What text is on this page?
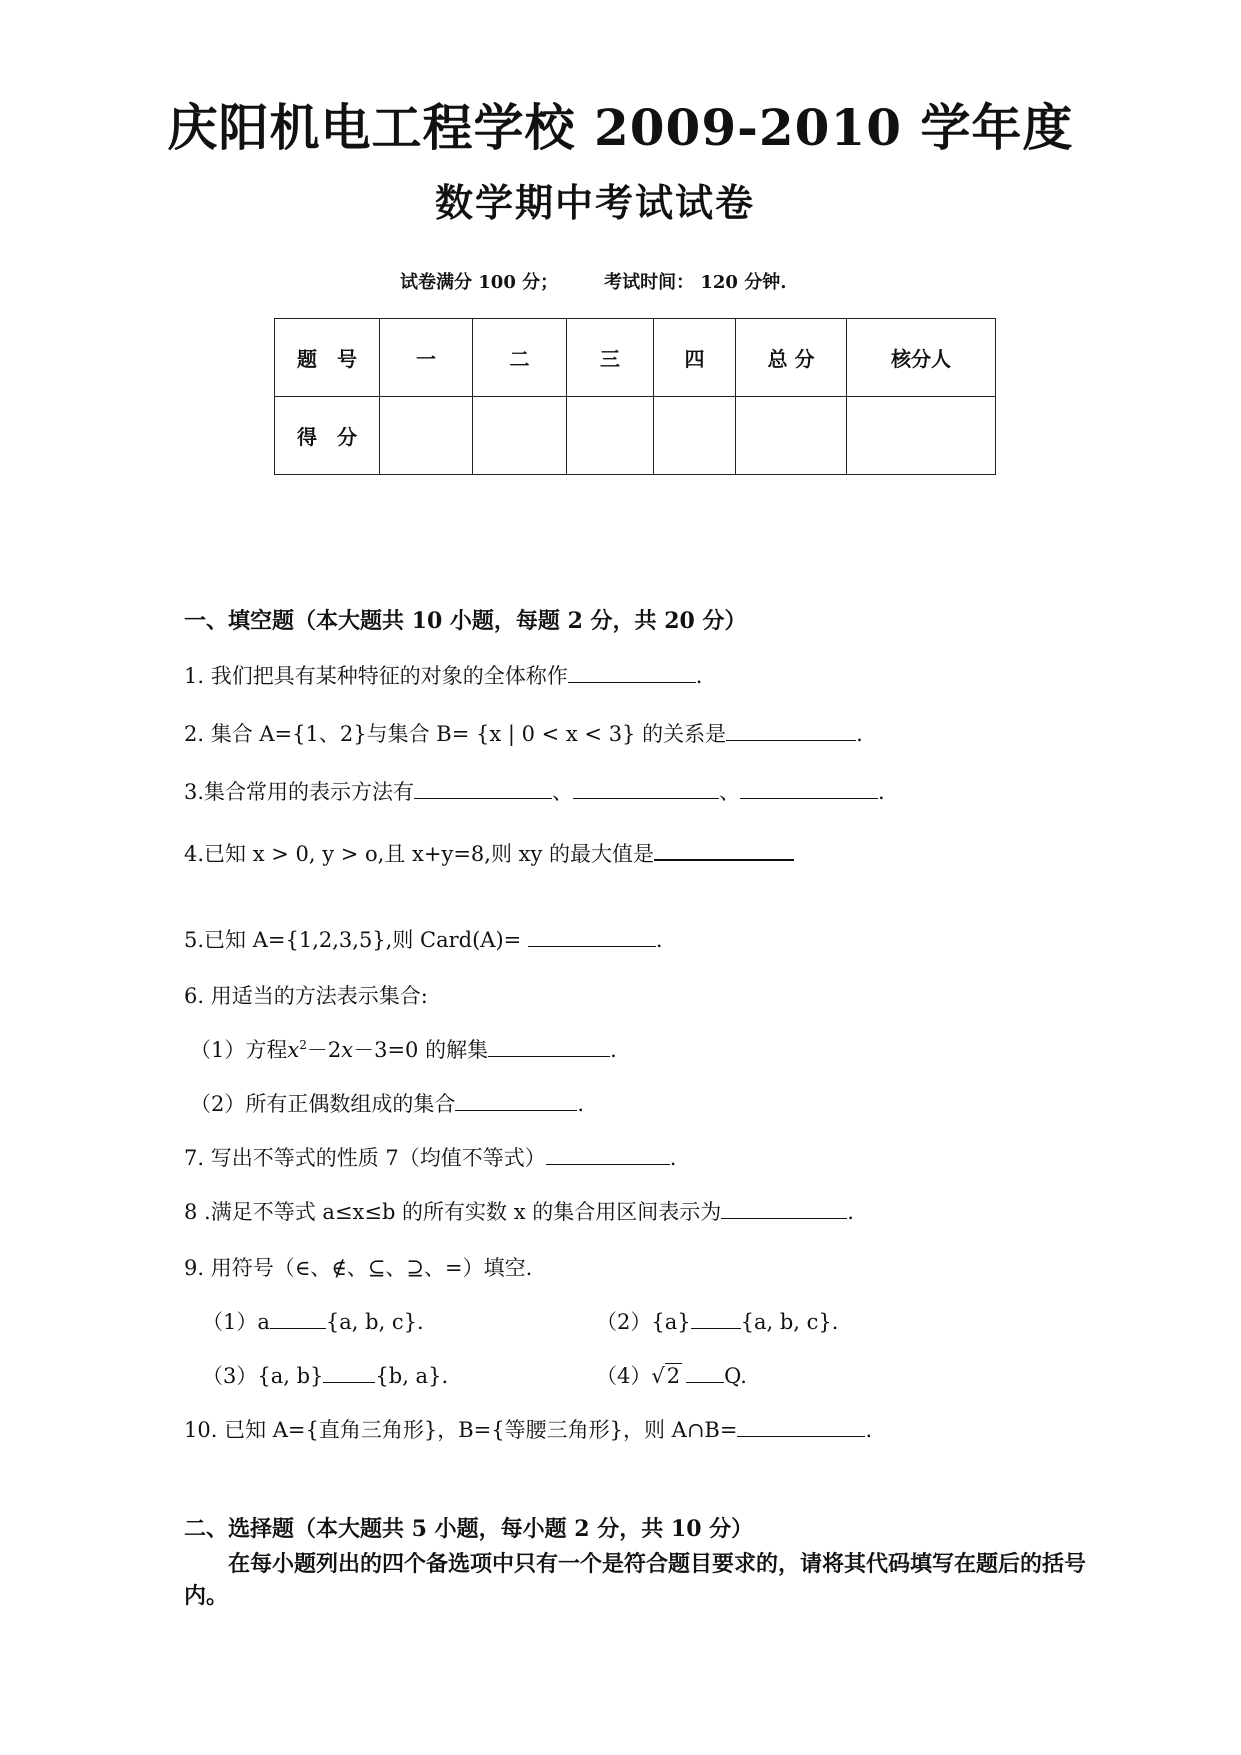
庆阳机电工程学校 2009-2010 学年度
数学期中考试试卷
试卷满分 100 分；	考试时间： 120 分钟.
题　号	一	二	三	四	总 分	核分人
得　分						
一、填空题（本大题共 10 小题，每题 2 分，共 20 分）
1. 我们把具有某种特征的对象的全体称作	.
2. 集合 A={1、2}与集合 B= {x | 0 < x < 3} 的关系是	.
3.集合常用的表示方法有	、	、	.
4.已知 x > 0, y > o,且 x+y=8,则 xy 的最大值是
5.已知 A={1,2,3,5},则 Card(A)=	.
6. 用适当的方法表示集合:
（1）方程$x^2-2x-3=0$ 的解集	.
（2）所有正偶数组成的集合	.
7. 写出不等式的性质 7（均值不等式）	.
8 .满足不等式 a≤x≤b 的所有实数 x 的集合用区间表示为	.
9. 用符号（∈、∉、⊆、⊇、=）填空.
（1）a	{a, b, c}.	（2）{a} {a, b, c}.
（3）{a, b} {b, a}.	（4）√2 Q.
10. 已知 A={直角三角形}，B={等腰三角形}，则 A∩B=	.
二、选择题（本大题共 5 小题，每小题 2 分，共 10 分）
在每小题列出的四个备选项中只有一个是符合题目要求的，请将其代码填写在题后的括号内。
